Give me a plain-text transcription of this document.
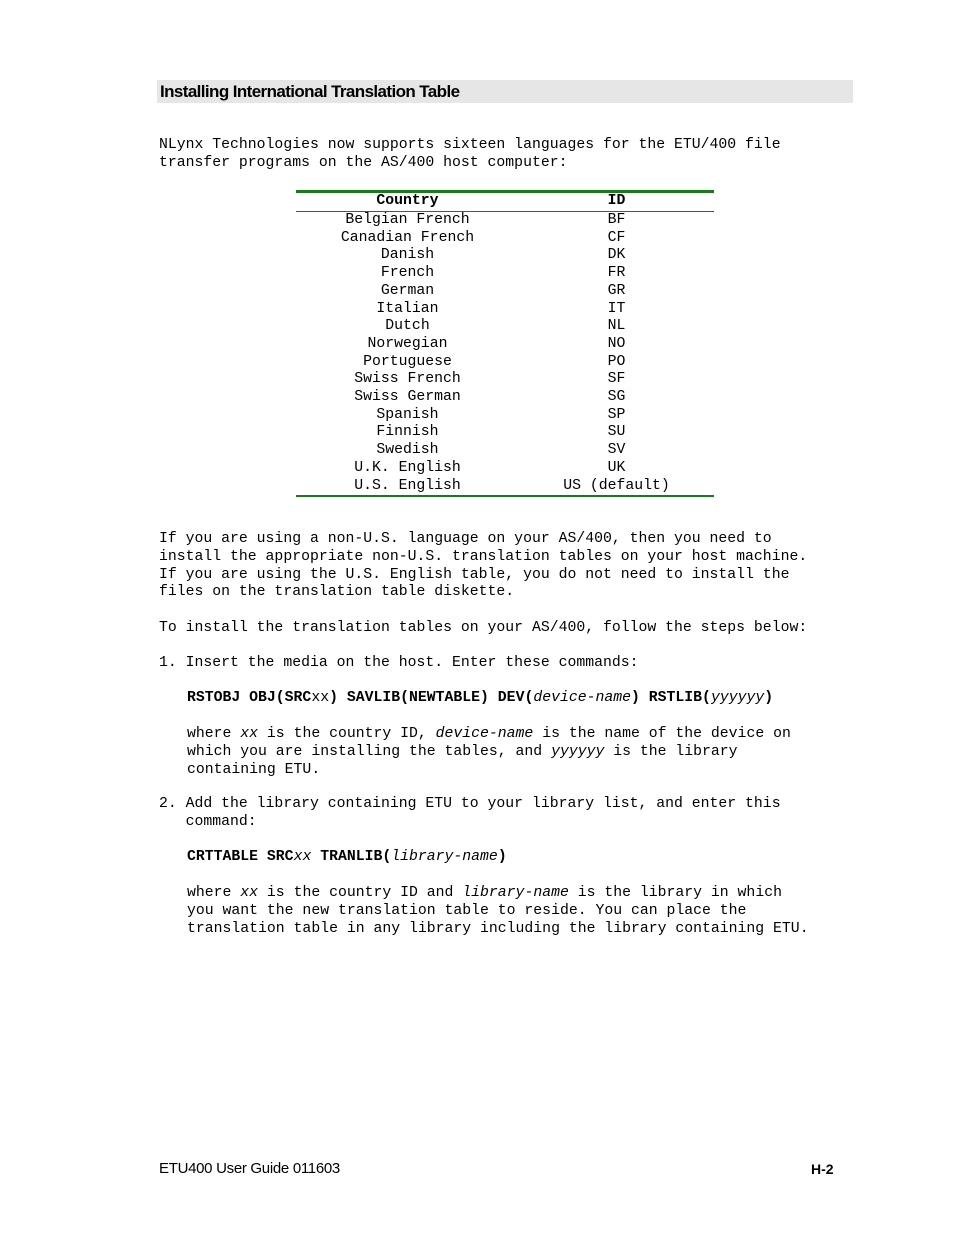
Installing International Translation Table
NLynx Technologies now supports sixteen languages for the ETU/400 file
transfer programs on the AS/400 host computer:
Country	ID
Belgian French	BF
Canadian French	CF
Danish	DK
French	FR
German	GR
Italian	IT
Dutch	NL
Norwegian	NO
Portuguese	PO
Swiss French	SF
Swiss German	SG
Spanish	SP
Finnish	SU
Swedish	SV
U.K. English	UK
U.S. English	US (default)
If you are using a non-U.S. language on your AS/400, then you need to
install the appropriate non-U.S. translation tables on your host machine.
If you are using the U.S. English table, you do not need to install the
files on the translation table diskette.
To install the translation tables on your AS/400, follow the steps below:
1. Insert the media on the host. Enter these commands:
RSTOBJ OBJ(SRCxx) SAVLIB(NEWTABLE) DEV(device-name) RSTLIB(yyyyyy)
where xx is the country ID, device-name is the name of the device on
which you are installing the tables, and yyyyyy is the library
containing ETU.
2. Add the library containing ETU to your library list, and enter this
command:
CRTTABLE SRCxx TRANLIB(library-name)
where xx is the country ID and library-name is the library in which
you want the new translation table to reside. You can place the
translation table in any library including the library containing ETU.
ETU400 User Guide 011603	H-2
